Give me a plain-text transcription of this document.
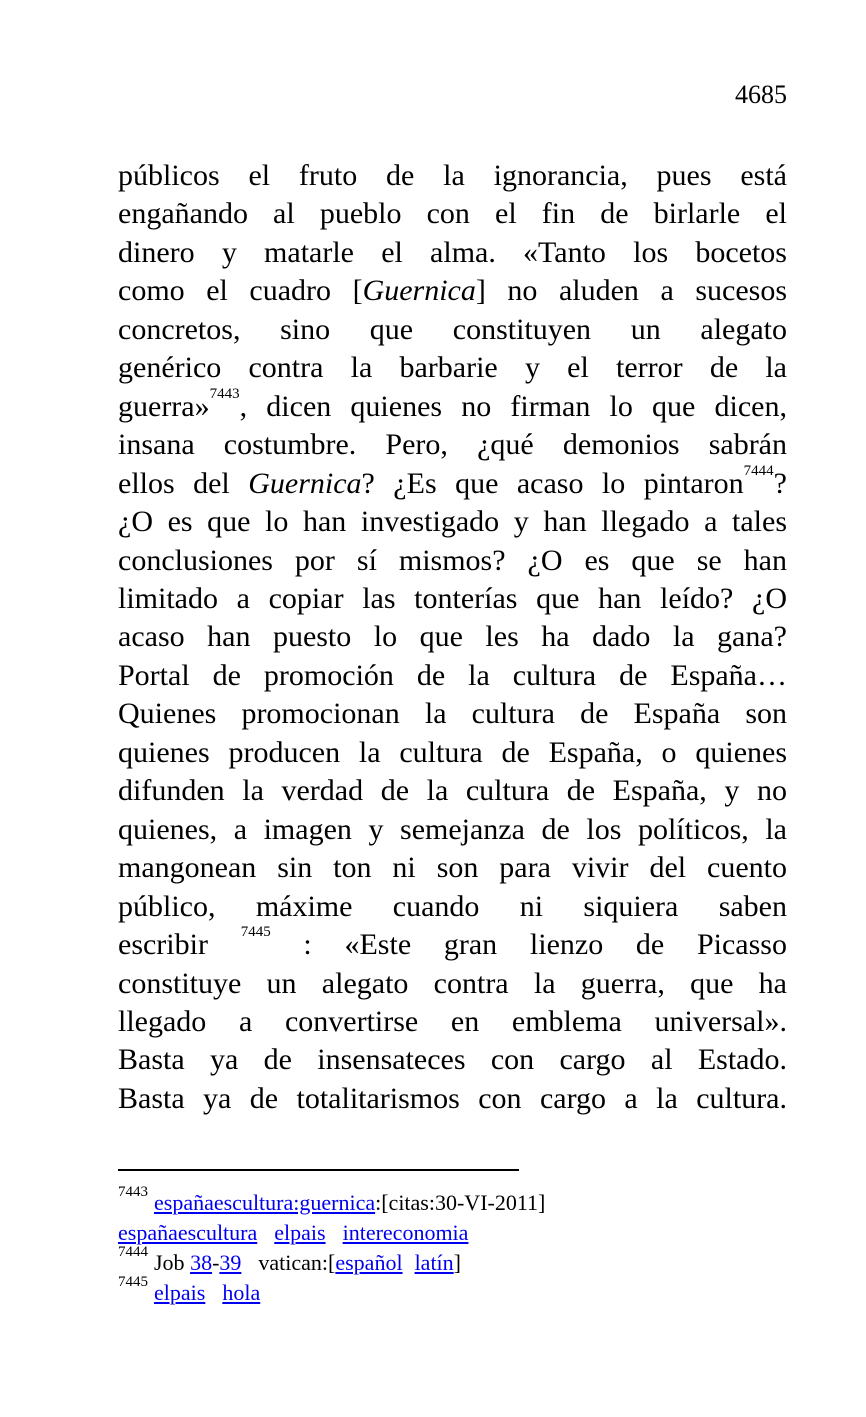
4685
públicos el fruto de la ignorancia, pues está
engañando al pueblo con el fin de birlarle el
dinero y matarle el alma. «Tanto los bocetos
como el cuadro [Guernica] no aluden a sucesos
concretos, sino que constituyen un alegato
genérico contra la barbarie y el terror de la
guerra»$^{7443}$, dicen quienes no firman lo que dicen,
insana costumbre. Pero, ¿qué demonios sabrán
ellos del Guernica? ¿Es que acaso lo pintaron$^{7444}$?
¿O es que lo han investigado y han llegado a tales
conclusiones por sí mismos? ¿O es que se han
limitado a copiar las tonterías que han leído? ¿O
acaso han puesto lo que les ha dado la gana?
Portal de promoción de la cultura de España…
Quienes promocionan la cultura de España son
quienes producen la cultura de España, o quienes
difunden la verdad de la cultura de España, y no
quienes, a imagen y semejanza de los políticos, la
mangonean sin ton ni son para vivir del cuento
público, máxime cuando ni siquiera saben
escribir $^{7445}$ : «Este gran lienzo de Picasso
constituye un alegato contra la guerra, que ha
llegado a convertirse en emblema universal».
Basta ya de insensateces con cargo al Estado.
Basta ya de totalitarismos con cargo a la cultura.
$^{7443}$ españaescultura:guernica:[citas:30-VI-2011]
españaescultura elpais intereconomia
$^{7444}$ Job 38-39 vatican:[español latín]
$^{7445}$ elpais hola
